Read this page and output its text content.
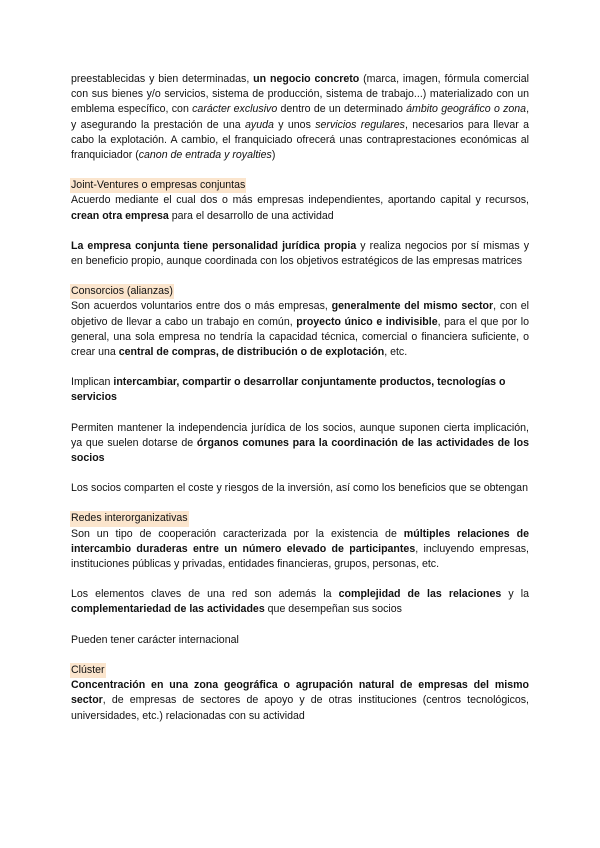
preestablecidas y bien determinadas, un negocio concreto (marca, imagen, fórmula comercial con sus bienes y/o servicios, sistema de producción, sistema de trabajo...) materializado con un emblema específico, con carácter exclusivo dentro de un determinado ámbito geográfico o zona, y asegurando la prestación de una ayuda y unos servicios regulares, necesarios para llevar a cabo la explotación. A cambio, el franquiciado ofrecerá unas contraprestaciones económicas al franquiciador (canon de entrada y royalties)

Joint-Ventures o empresas conjuntas

Acuerdo mediante el cual dos o más empresas independientes, aportando capital y recursos, crean otra empresa para el desarrollo de una actividad

La empresa conjunta tiene personalidad jurídica propia y realiza negocios por sí mismas y en beneficio propio, aunque coordinada con los objetivos estratégicos de las empresas matrices

Consorcios (alianzas)

Son acuerdos voluntarios entre dos o más empresas, generalmente del mismo sector, con el objetivo de llevar a cabo un trabajo en común, proyecto único e indivisible, para el que por lo general, una sola empresa no tendría la capacidad técnica, comercial o financiera suficiente, o crear una central de compras, de distribución o de explotación, etc.

Implican intercambiar, compartir o desarrollar conjuntamente productos, tecnologías o servicios

Permiten mantener la independencia jurídica de los socios, aunque suponen cierta implicación, ya que suelen dotarse de órganos comunes para la coordinación de las actividades de los socios

Los socios comparten el coste y riesgos de la inversión, así como los beneficios que se obtengan

Redes interorganizativas

Son un tipo de cooperación caracterizada por la existencia de múltiples relaciones de intercambio duraderas entre un número elevado de participantes, incluyendo empresas, instituciones públicas y privadas, entidades financieras, grupos, personas, etc.

Los elementos claves de una red son además la complejidad de las relaciones y la complementariedad de las actividades que desempeñan sus socios

Pueden tener carácter internacional

Clúster

Concentración en una zona geográfica o agrupación natural de empresas del mismo sector, de empresas de sectores de apoyo y de otras instituciones (centros tecnológicos, universidades, etc.) relacionadas con su actividad
